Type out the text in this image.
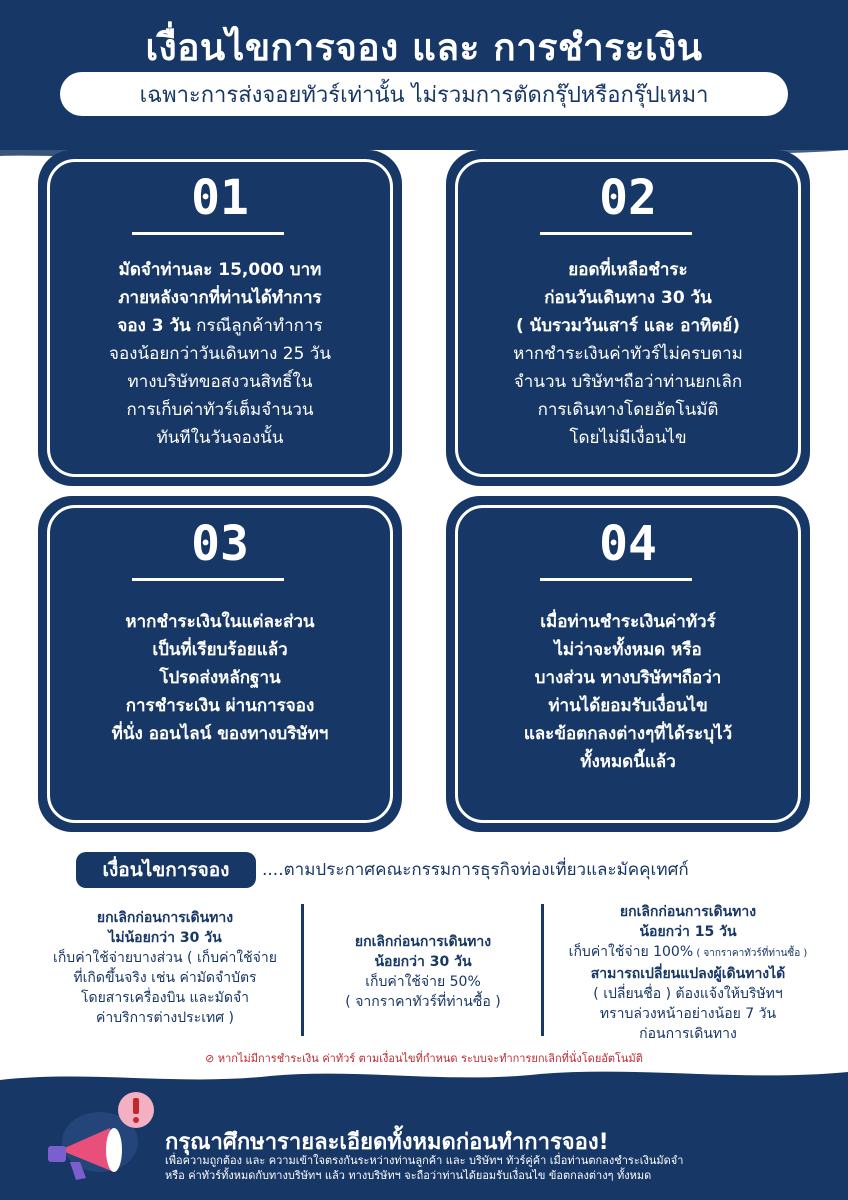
เงื่อนไขการจอง และ การชำระเงิน
เฉพาะการส่งจอยทัวร์เท่านั้น ไม่รวมการตัดกรุ๊ปหรือกรุ๊ปเหมา
01
มัดจำท่านละ 15,000 บาท
ภายหลังจากที่ท่านได้ทำการ
จอง 3 วัน กรณีลูกค้าทำการ
จองน้อยกว่าวันเดินทาง 25 วัน
ทางบริษัทขอสงวนสิทธิ์ใน
การเก็บค่าทัวร์เต็มจำนวน
ทันทีในวันจองนั้น
02
ยอดที่เหลือชำระ
ก่อนวันเดินทาง 30 วัน
( นับรวมวันเสาร์ และ อาทิตย์)
หากชำระเงินค่าทัวร์ไม่ครบตาม
จำนวน บริษัทฯถือว่าท่านยกเลิก
การเดินทางโดยอัตโนมัติ
โดยไม่มีเงื่อนไข
03
หากชำระเงินในแต่ละส่วน
เป็นที่เรียบร้อยแล้ว
โปรดส่งหลักฐาน
การชำระเงิน ผ่านการจอง
ที่นั่ง ออนไลน์ ของทางบริษัทฯ
04
เมื่อท่านชำระเงินค่าทัวร์
ไม่ว่าจะทั้งหมด หรือ
บางส่วน ทางบริษัทฯถือว่า
ท่านได้ยอมรับเงื่อนไข
และข้อตกลงต่างๆที่ได้ระบุไว้
ทั้งหมดนี้แล้ว
เงื่อนไขการจอง ....ตามประกาศคณะกรรมการธุรกิจท่องเที่ยวและมัคคุเทศก์
ยกเลิกก่อนการเดินทาง
ไม่น้อยกว่า 30 วัน
เก็บค่าใช้จ่ายบางส่วน ( เก็บค่าใช้จ่าย
ที่เกิดขึ้นจริง เช่น ค่ามัดจำบัตร
โดยสารเครื่องบิน และมัดจำ
ค่าบริการต่างประเทศ )
ยกเลิกก่อนการเดินทาง
น้อยกว่า 30 วัน
เก็บค่าใช้จ่าย 50%
( จากราคาทัวร์ที่ท่านซื้อ )
ยกเลิกก่อนการเดินทาง
น้อยกว่า 15 วัน
เก็บค่าใช้จ่าย 100% ( จากราคาทัวร์ที่ท่านซื้อ )
สามารถเปลี่ยนแปลงผู้เดินทางได้
( เปลี่ยนชื่อ ) ต้องแจ้งให้บริษัทฯ
ทราบล่วงหน้าอย่างน้อย 7 วัน
ก่อนการเดินทาง
⊘ หากไม่มีการชำระเงิน ค่าทัวร์ ตามเงื่อนไขที่กำหนด ระบบจะทำการยกเลิกที่นั่งโดยอัตโนมัติ
กรุณาศึกษารายละเอียดทั้งหมดก่อนทำการจอง!
เพื่อความถูกต้อง และ ความเข้าใจตรงกันระหว่างท่านลูกค้า และ บริษัทฯ ทัวร์คู่ค้า เมื่อท่านตกลงชำระเงินมัดจำ
หรือ ค่าทัวร์ทั้งหมดกับทางบริษัทฯ แล้ว ทางบริษัทฯ จะถือว่าท่านได้ยอมรับเงื่อนไข ข้อตกลงต่างๆ ทั้งหมด
